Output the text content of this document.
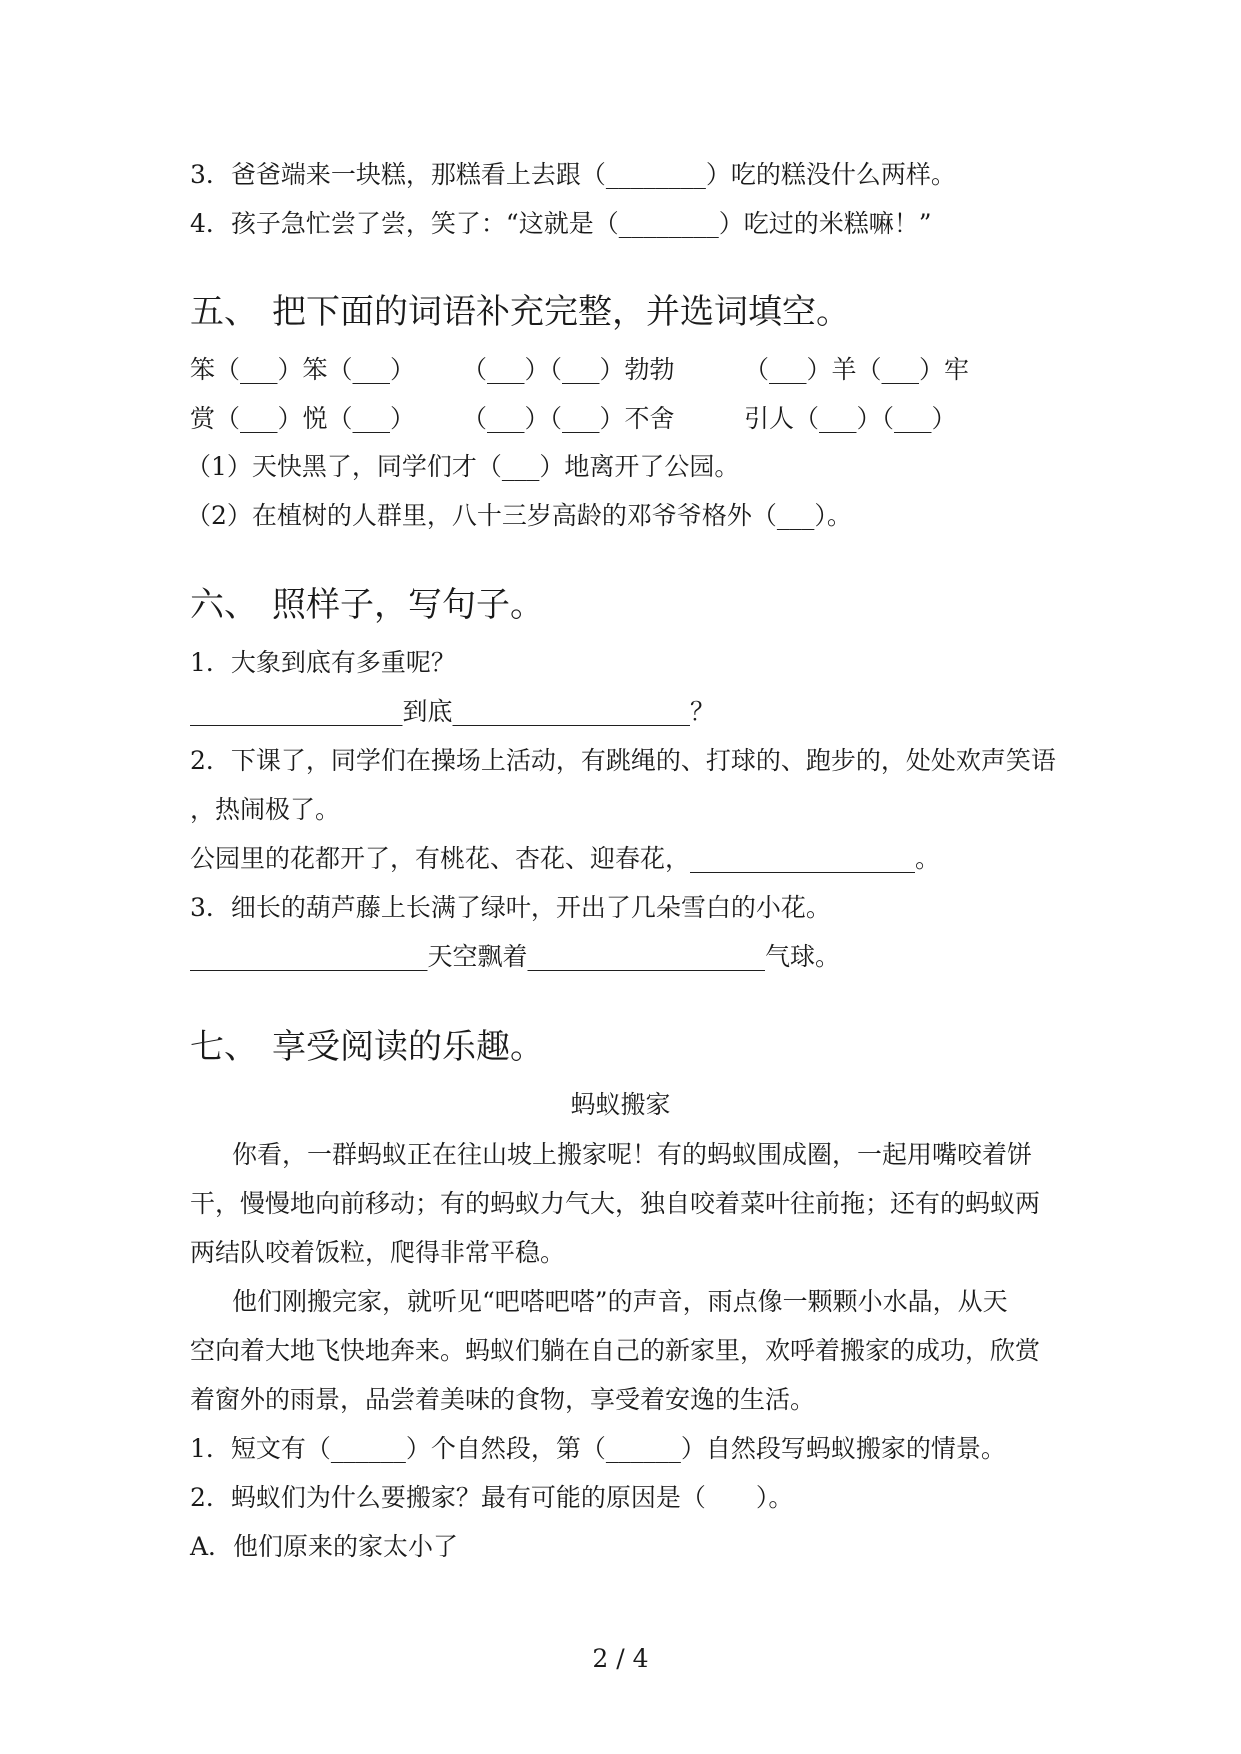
3．爸爸端来一块糕，那糕看上去跟（________）吃的糕没什么两样。
4．孩子急忙尝了尝，笑了：“这就是（________）吃过的米糕嘛！”
五、 把下面的词语补充完整，并选词填空。
笨（___）笨（___） （___）（___）勃勃	（___）羊（___）牢
赏（___）悦（___） （___）（___）不舍	引人（___）（___）
（1）天快黑了，同学们才（___）地离开了公园。
（2）在植树的人群里，八十三岁高龄的邓爷爷格外（___）。
六、 照样子，写句子。
1．大象到底有多重呢？
_________________到底___________________？
2．下课了，同学们在操场上活动，有跳绳的、打球的、跑步的，处处欢声笑语
，热闹极了。
公园里的花都开了，有桃花、杏花、迎春花，__________________。
3．细长的葫芦藤上长满了绿叶，开出了几朵雪白的小花。
___________________天空飘着___________________气球。
七、 享受阅读的乐趣。
蚂蚁搬家
你看，一群蚂蚁正在往山坡上搬家呢！有的蚂蚁围成圈，一起用嘴咬着饼
干，慢慢地向前移动；有的蚂蚁力气大，独自咬着菜叶往前拖；还有的蚂蚁两
两结队咬着饭粒，爬得非常平稳。
他们刚搬完家，就听见“吧嗒吧嗒”的声音，雨点像一颗颗小水晶，从天
空向着大地飞快地奔来。蚂蚁们躺在自己的新家里，欢呼着搬家的成功，欣赏
着窗外的雨景，品尝着美味的食物，享受着安逸的生活。
1．短文有（______）个自然段，第（______）自然段写蚂蚁搬家的情景。
2．蚂蚁们为什么要搬家？最有可能的原因是（　　）。
A．他们原来的家太小了
2 / 4
